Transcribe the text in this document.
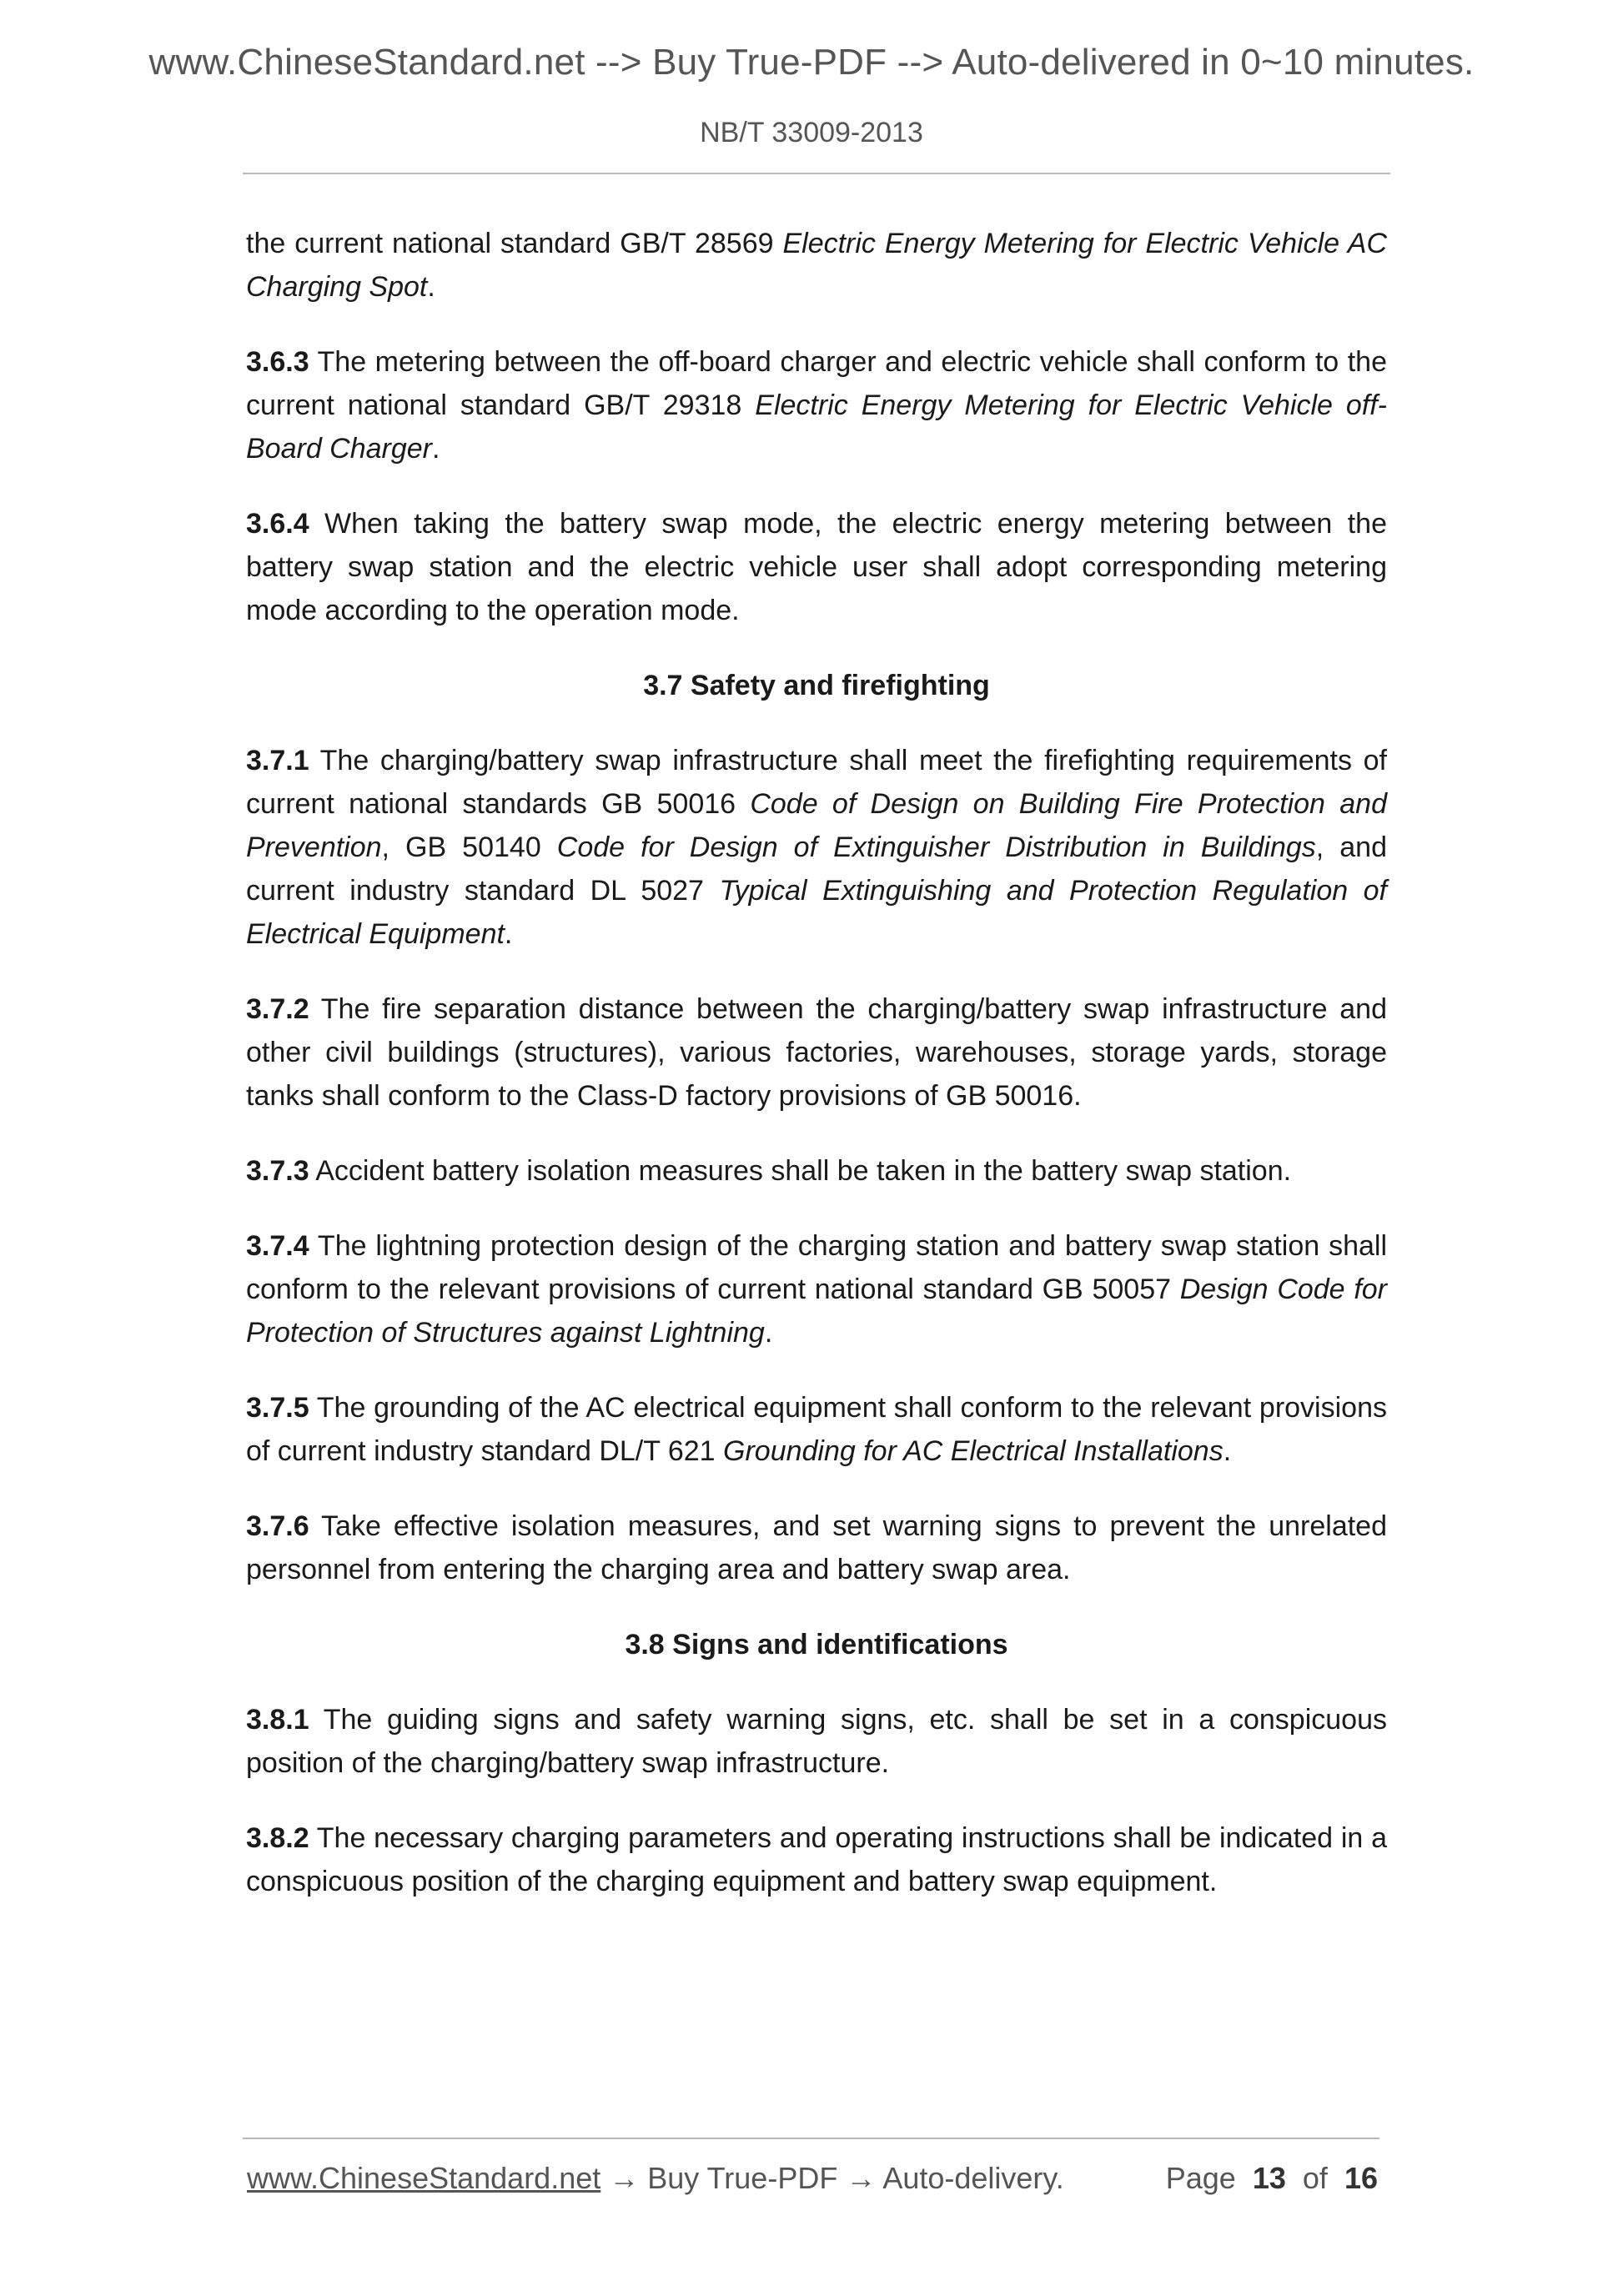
www.ChineseStandard.net --> Buy True-PDF --> Auto-delivered in 0~10 minutes.
NB/T 33009-2013

the current national standard GB/T 28569 Electric Energy Metering for Electric Vehicle AC Charging Spot.

3.6.3 The metering between the off-board charger and electric vehicle shall conform to the current national standard GB/T 29318 Electric Energy Metering for Electric Vehicle off-Board Charger.

3.6.4 When taking the battery swap mode, the electric energy metering between the battery swap station and the electric vehicle user shall adopt corresponding metering mode according to the operation mode.

3.7 Safety and firefighting

3.7.1 The charging/battery swap infrastructure shall meet the firefighting requirements of current national standards GB 50016 Code of Design on Building Fire Protection and Prevention, GB 50140 Code for Design of Extinguisher Distribution in Buildings, and current industry standard DL 5027 Typical Extinguishing and Protection Regulation of Electrical Equipment.

3.7.2 The fire separation distance between the charging/battery swap infrastructure and other civil buildings (structures), various factories, warehouses, storage yards, storage tanks shall conform to the Class-D factory provisions of GB 50016.

3.7.3 Accident battery isolation measures shall be taken in the battery swap station.

3.7.4 The lightning protection design of the charging station and battery swap station shall conform to the relevant provisions of current national standard GB 50057 Design Code for Protection of Structures against Lightning.

3.7.5 The grounding of the AC electrical equipment shall conform to the relevant provisions of current industry standard DL/T 621 Grounding for AC Electrical Installations.

3.7.6 Take effective isolation measures, and set warning signs to prevent the unrelated personnel from entering the charging area and battery swap area.

3.8 Signs and identifications

3.8.1 The guiding signs and safety warning signs, etc. shall be set in a conspicuous position of the charging/battery swap infrastructure.

3.8.2 The necessary charging parameters and operating instructions shall be indicated in a conspicuous position of the charging equipment and battery swap equipment.

www.ChineseStandard.net → Buy True-PDF → Auto-delivery.	Page 13 of 16
